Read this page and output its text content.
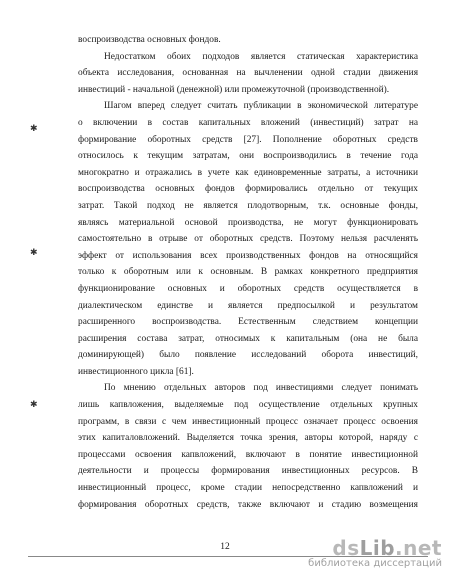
воспроизводства основных фондов.

Недостатком обоих подходов является статическая характеристика

объекта исследования, основанная на вычленении одной стадии движения
инвестиций - начальной (денежной) или промежуточной (производственной).

Шагом вперед следует считать публикации в экономической литературе

о включении в состав капитальных вложений (инвестиций) затрат на
формирование оборотных средств [27]. Пополнение оборотных средств
относилось к текущим затратам, они воспроизводились в течение года
многократно и отражались в учете как единовременные затраты, а источники
воспроизводства основных фондов формировались отдельно от текущих
затрат. Такой подход не является плодотворным, т.к. основные фонды,
являясь материальной основой производства, не могут функционировать
самостоятельно в отрыве от оборотных средств. Поэтому нельзя расчленять
эффект от использования всех производственных фондов на относящийся
только к оборотным или к основным. В рамках конкретного предприятия
функционирование основных и оборотных средств осуществляется в
диалектическом единстве и является предпосылкой и результатом
расширенного воспроизводства. Естественным следствием концепции
расширения состава затрат, относимых к капитальным (она не была
доминирующей) было появление исследований оборота инвестиций,
инвестиционного цикла [61].

По мнению отдельных авторов под инвестициями следует понимать

лишь капвложения, выделяемые под осуществление отдельных крупных
программ, в связи с чем инвестиционный процесс означает процесс освоения
этих капиталовложений. Выделяется точка зрения, авторы которой, наряду с
процессами освоения капвложений, включают в понятие инвестиционной
деятельности и процессы формирования инвестиционных ресурсов. В
инвестиционный процесс, кроме стадии непосредственно капвложений и
формирования оборотных средств, также включают и стадию возмещения

✱
✱
✱
12	dsLib.net
библиотека диссертаций
